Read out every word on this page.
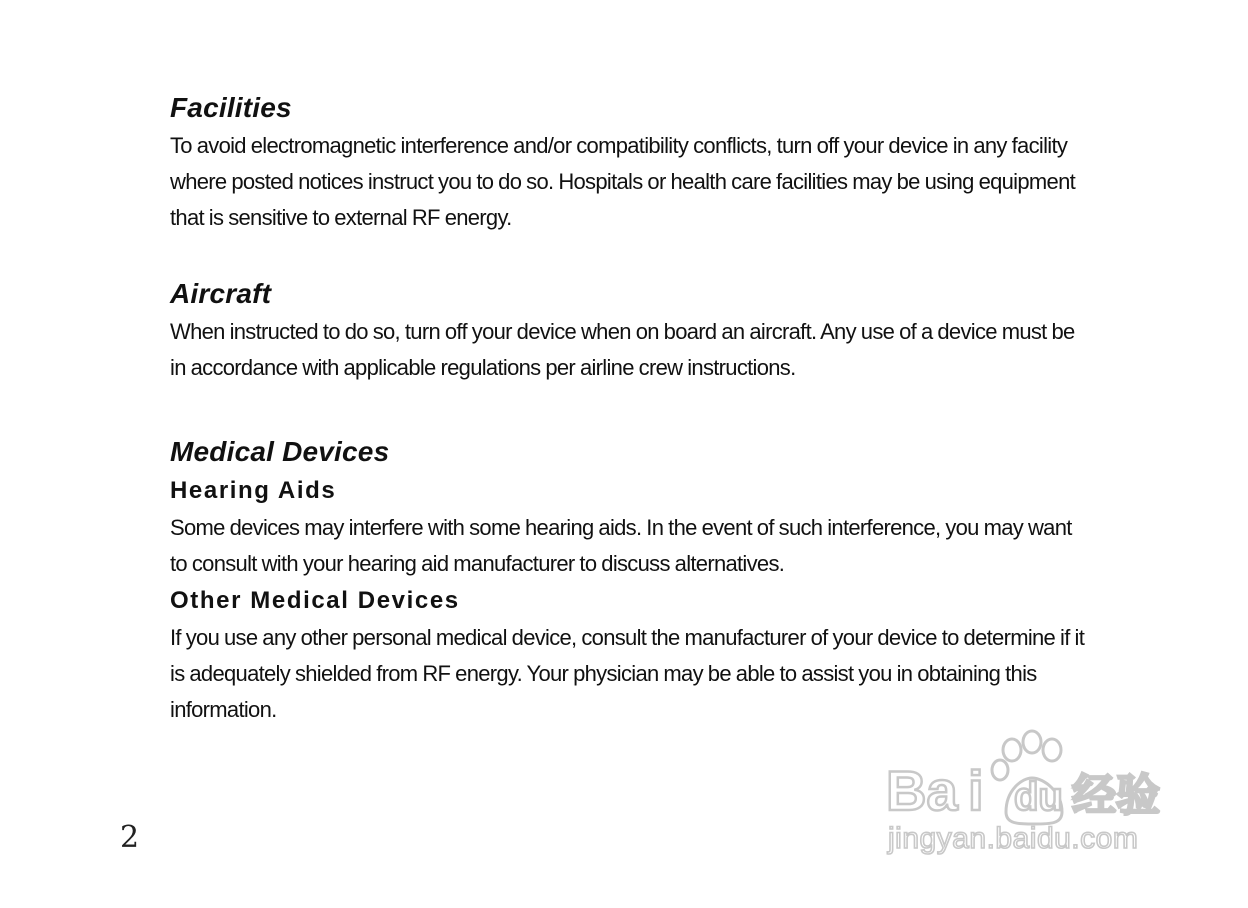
Facilities

To avoid electromagnetic interference and/or compatibility conflicts, turn off your device in any facility where posted notices instruct you to do so. Hospitals or health care facilities may be using equipment that is sensitive to external RF energy.

Aircraft

When instructed to do so, turn off your device when on board an aircraft. Any use of a device must be in accordance with applicable regulations per airline crew instructions.

Medical Devices
Hearing Aids

Some devices may interfere with some hearing aids. In the event of such interference, you may want to consult with your hearing aid manufacturer to discuss alternatives.

Other Medical Devices

If you use any other personal medical device, consult the manufacturer of your device to determine if it is adequately shielded from RF energy. Your physician may be able to assist you in obtaining this information.

2
Ba i du 经验
jingyan.baidu.com
